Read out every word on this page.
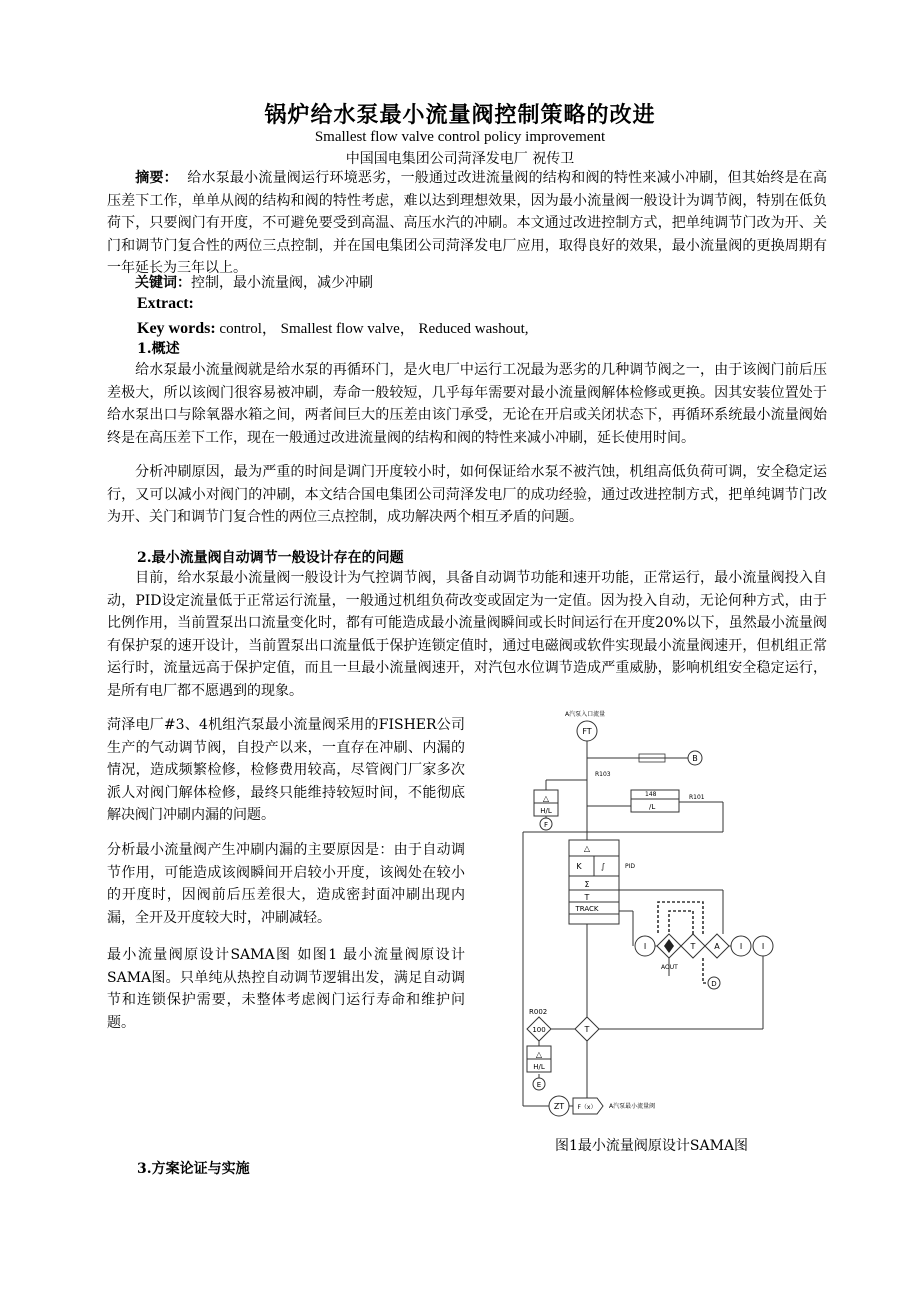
锅炉给水泵最小流量阀控制策略的改进
Smallest flow valve control policy improvement
中国国电集团公司菏泽发电厂 祝传卫

摘要： 给水泵最小流量阀运行环境恶劣，一般通过改进流量阀的结构和阀的特性来减小冲刷，但其始终是在高压差下工作，单单从阀的结构和阀的特性考虑，难以达到理想效果，因为最小流量阀一般设计为调节阀，特别在低负荷下，只要阀门有开度，不可避免要受到高温、高压水汽的冲刷。本文通过改进控制方式，把单纯调节门改为开、关门和调节门复合性的两位三点控制，并在国电集团公司菏泽发电厂应用，取得良好的效果，最小流量阀的更换周期有一年延长为三年以上。

关键词：控制，最小流量阀，减少冲刷
Extract:
Key words: control， Smallest flow valve， Reduced washout,
1.概述

给水泵最小流量阀就是给水泵的再循环门，是火电厂中运行工况最为恶劣的几种调节阀之一，由于该阀门前后压差极大，所以该阀门很容易被冲刷，寿命一般较短，几乎每年需要对最小流量阀解体检修或更换。因其安装位置处于给水泵出口与除氧器水箱之间，两者间巨大的压差由该门承受，无论在开启或关闭状态下，再循环系统最小流量阀始终是在高压差下工作，现在一般通过改进流量阀的结构和阀的特性来减小冲刷，延长使用时间。

分析冲刷原因，最为严重的时间是调门开度较小时，如何保证给水泵不被汽蚀，机组高低负荷可调，安全稳定运行，又可以减小对阀门的冲刷，本文结合国电集团公司菏泽发电厂的成功经验，通过改进控制方式，把单纯调节门改为开、关门和调节门复合性的两位三点控制，成功解决两个相互矛盾的问题。

2.最小流量阀自动调节一般设计存在的问题

目前，给水泵最小流量阀一般设计为气控调节阀，具备自动调节功能和速开功能，正常运行，最小流量阀投入自动，PID设定流量低于正常运行流量，一般通过机组负荷改变或固定为一定值。因为投入自动，无论何种方式，由于比例作用，当前置泵出口流量变化时，都有可能造成最小流量阀瞬间或长时间运行在开度20%以下，虽然最小流量阀有保护泵的速开设计，当前置泵出口流量低于保护连锁定值时，通过电磁阀或软件实现最小流量阀速开，但机组正常运行时，流量远高于保护定值，而且一旦最小流量阀速开，对汽包水位调节造成严重威胁，影响机组安全稳定运行，是所有电厂都不愿遇到的现象。

菏泽电厂#3、4机组汽泵最小流量阀采用的FISHER公司生产的气动调节阀，自投产以来，一直存在冲刷、内漏的情况，造成频繁检修，检修费用较高，尽管阀门厂家多次派人对阀门解体检修，最终只能维持较短时间，不能彻底解决阀门冲刷内漏的问题。

分析最小流量阀产生冲刷内漏的主要原因是：由于自动调节作用，可能造成该阀瞬间开启较小开度，该阀处在较小的开度时，因阀前后压差很大，造成密封面冲刷出现内漏，全开及开度较大时，冲刷减轻。

最小流量阀原设计SAMA图 如图1 最小流量阀原设计SAMA图。只单纯从热控自动调节逻辑出发，满足自动调节和连锁保护需要，未整体考虑阀门运行寿命和维护问题。

FT
A汽泵入口流量
B
R103
△
H/L
F
148
/L
R101
△
K ∫
Σ
T
TRACK
PID
I	T A	I I
AOUT
D
R002
100	T
△
H/L
E
ZT F（x） A汽泵最小流量阀
图1最小流量阀原设计SAMA图
3.方案论证与实施
